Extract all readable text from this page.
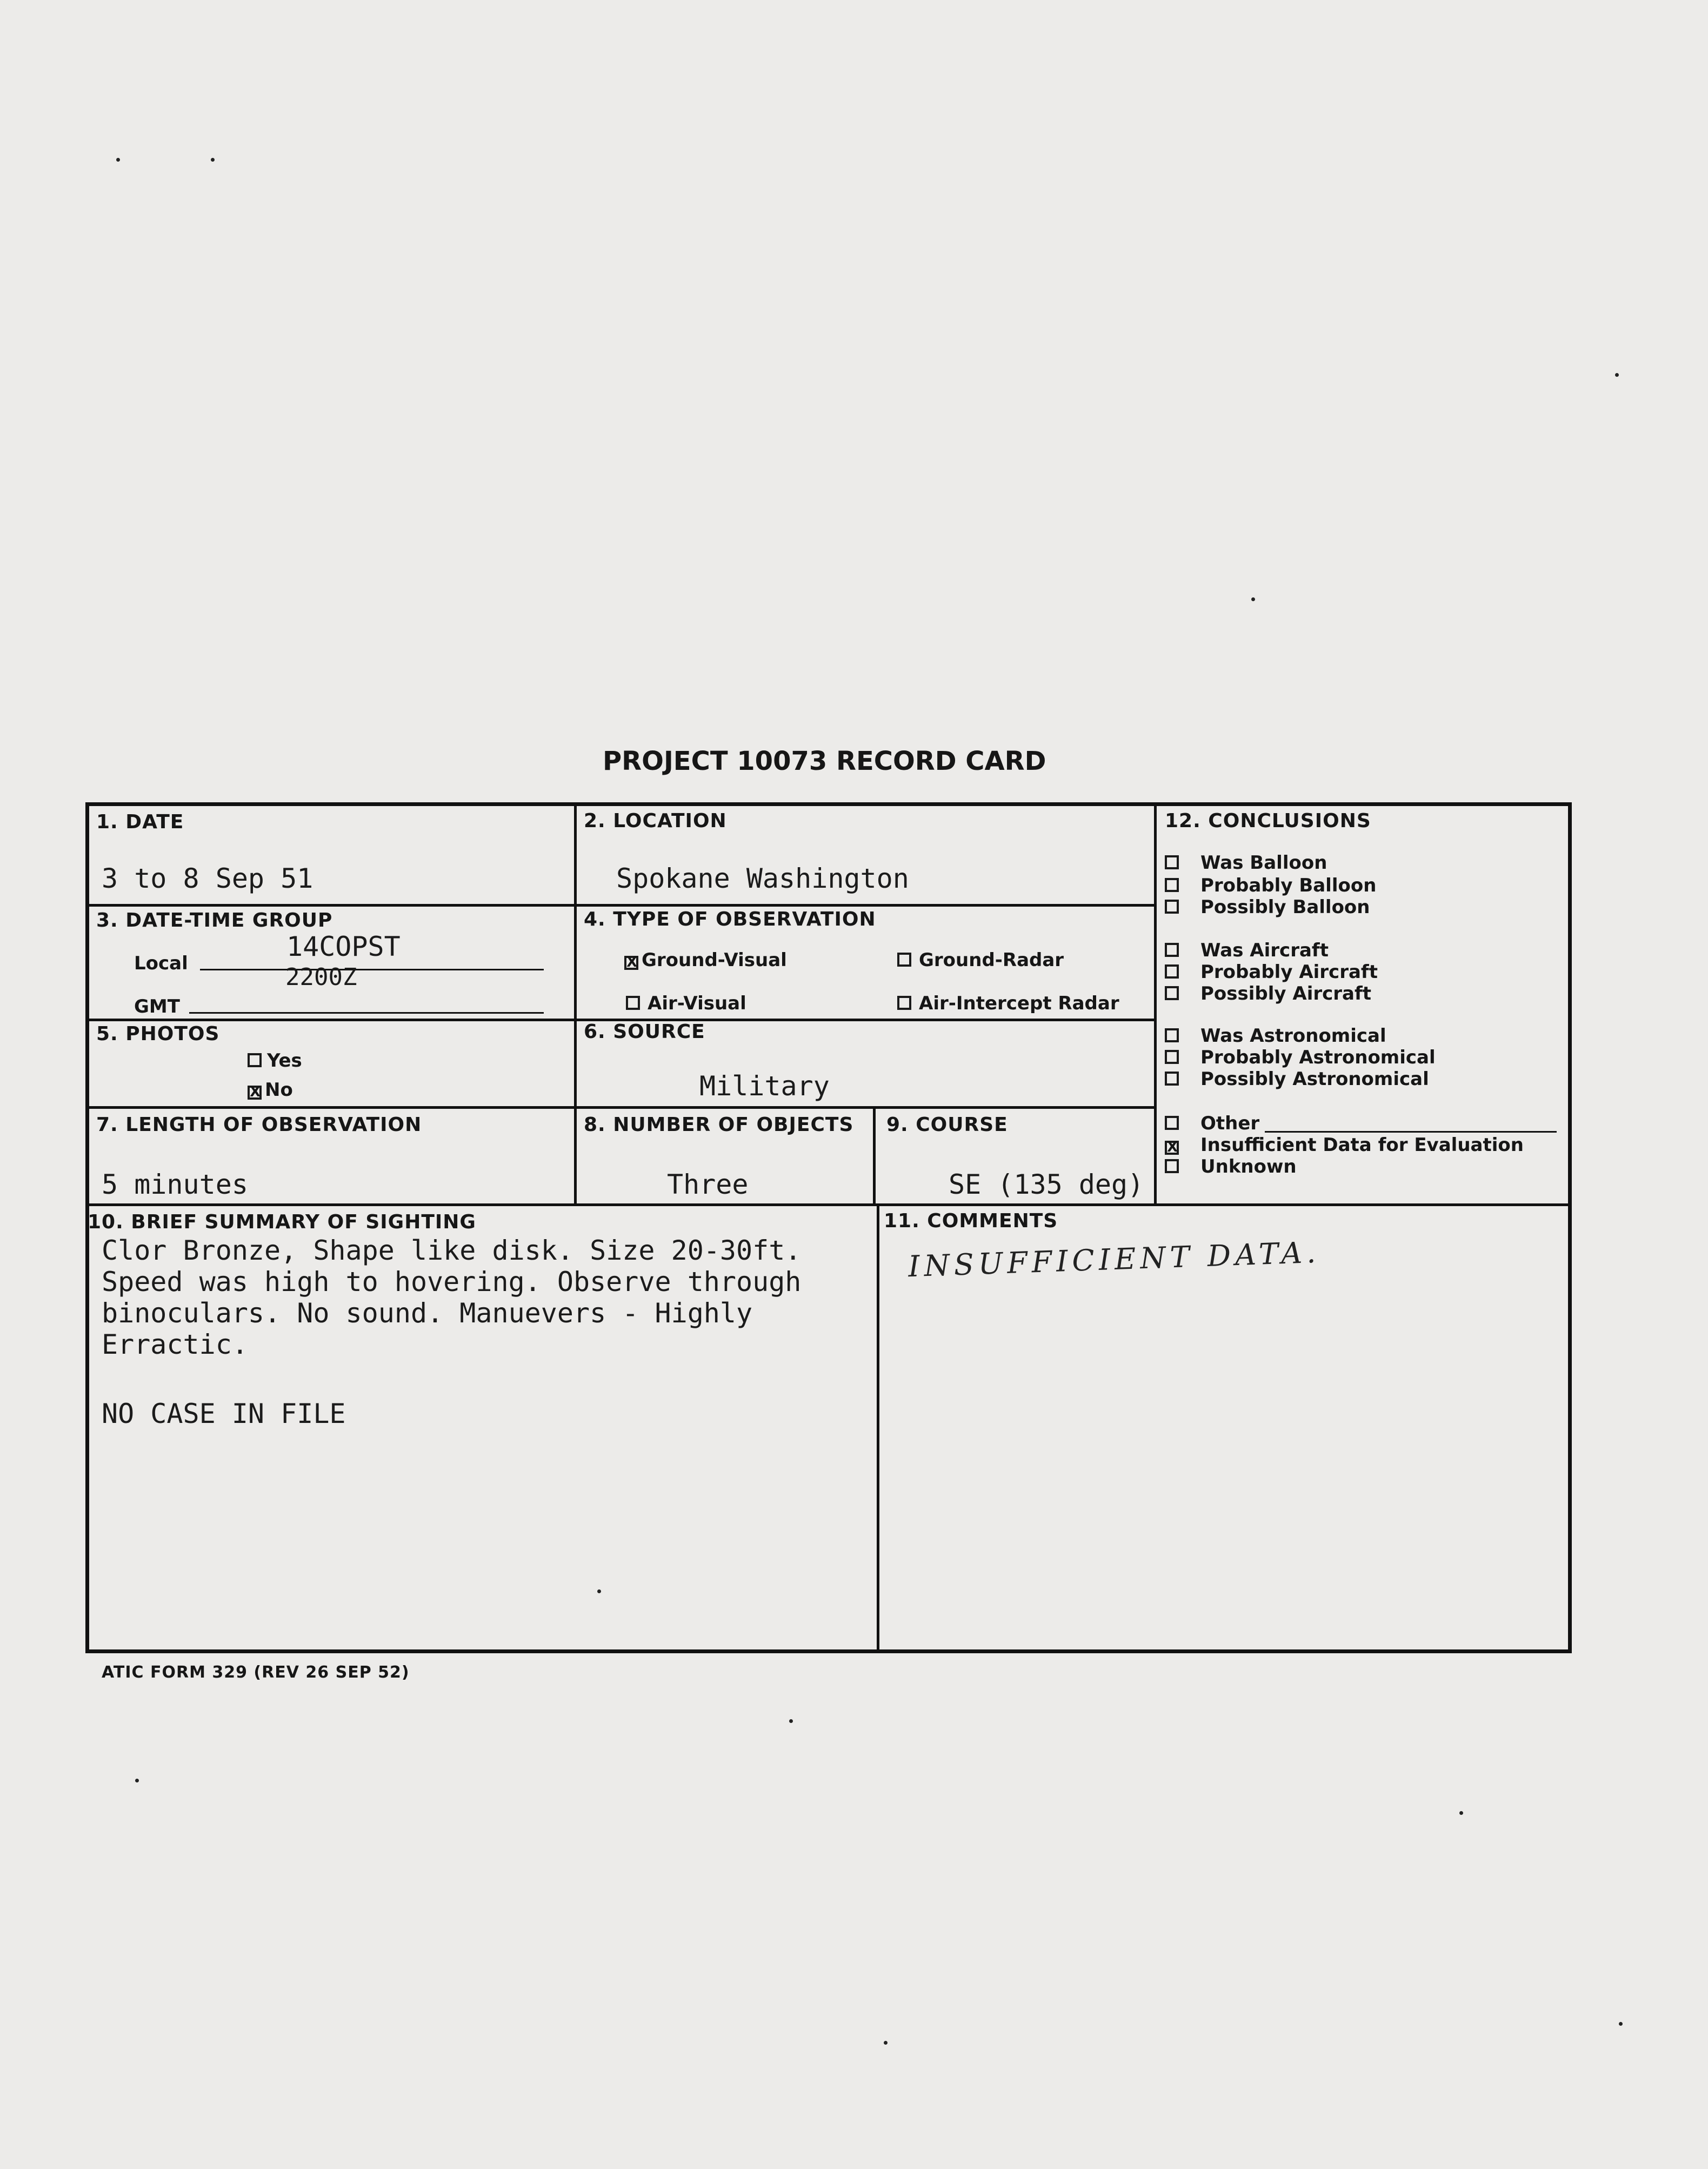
PROJECT 10073 RECORD CARD
1. DATE
3 to 8 Sep 51
2. LOCATION
Spokane Washington
3. DATE-TIME GROUP
Local
14COPST
2200Z
GMT
4. TYPE OF OBSERVATION
X Ground-Visual	Ground-Radar
Air-Visual	Air-Intercept Radar
5. PHOTOS
Yes
X No
6. SOURCE
Military
7. LENGTH OF OBSERVATION
5 minutes
8. NUMBER OF OBJECTS
Three
9. COURSE
SE (135 deg)
10. BRIEF SUMMARY OF SIGHTING
Clor Bronze, Shape like disk. Size 20-30ft.
Speed was high to hovering. Observe through
binoculars. No sound. Manuevers - Highly
Erractic.
NO CASE IN FILE
11. COMMENTS
INSUFFICIENT DATA.
12. CONCLUSIONS
Was Balloon
Probably Balloon
Possibly Balloon
Was Aircraft
Probably Aircraft
Possibly Aircraft
Was Astronomical
Probably Astronomical
Possibly Astronomical
Other
X Insufficient Data for Evaluation
Unknown
ATIC FORM 329 (REV 26 SEP 52)
